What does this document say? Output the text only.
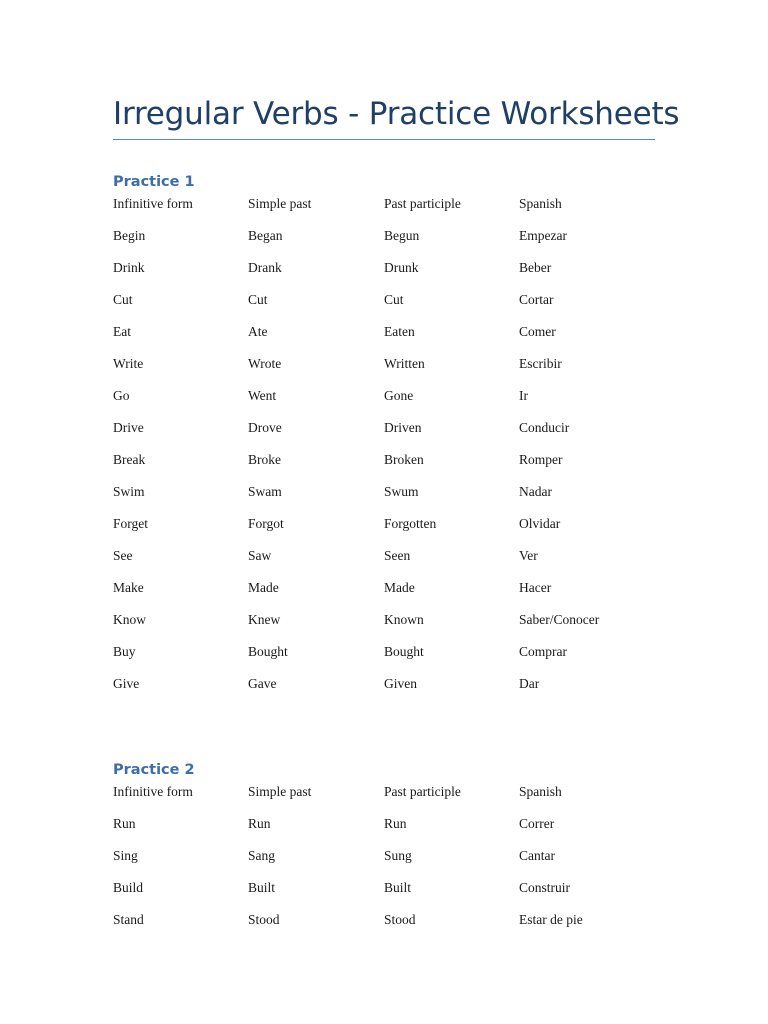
Irregular Verbs - Practice Worksheets
Practice 1
Infinitive form	Simple past	Past participle	Spanish
Begin	Began	Begun	Empezar
Drink	Drank	Drunk	Beber
Cut	Cut	Cut	Cortar
Eat	Ate	Eaten	Comer
Write	Wrote	Written	Escribir
Go	Went	Gone	Ir
Drive	Drove	Driven	Conducir
Break	Broke	Broken	Romper
Swim	Swam	Swum	Nadar
Forget	Forgot	Forgotten	Olvidar
See	Saw	Seen	Ver
Make	Made	Made	Hacer
Know	Knew	Known	Saber/Conocer
Buy	Bought	Bought	Comprar
Give	Gave	Given	Dar
Practice 2
Infinitive form	Simple past	Past participle	Spanish
Run	Run	Run	Correr
Sing	Sang	Sung	Cantar
Build	Built	Built	Construir
Stand	Stood	Stood	Estar de pie
